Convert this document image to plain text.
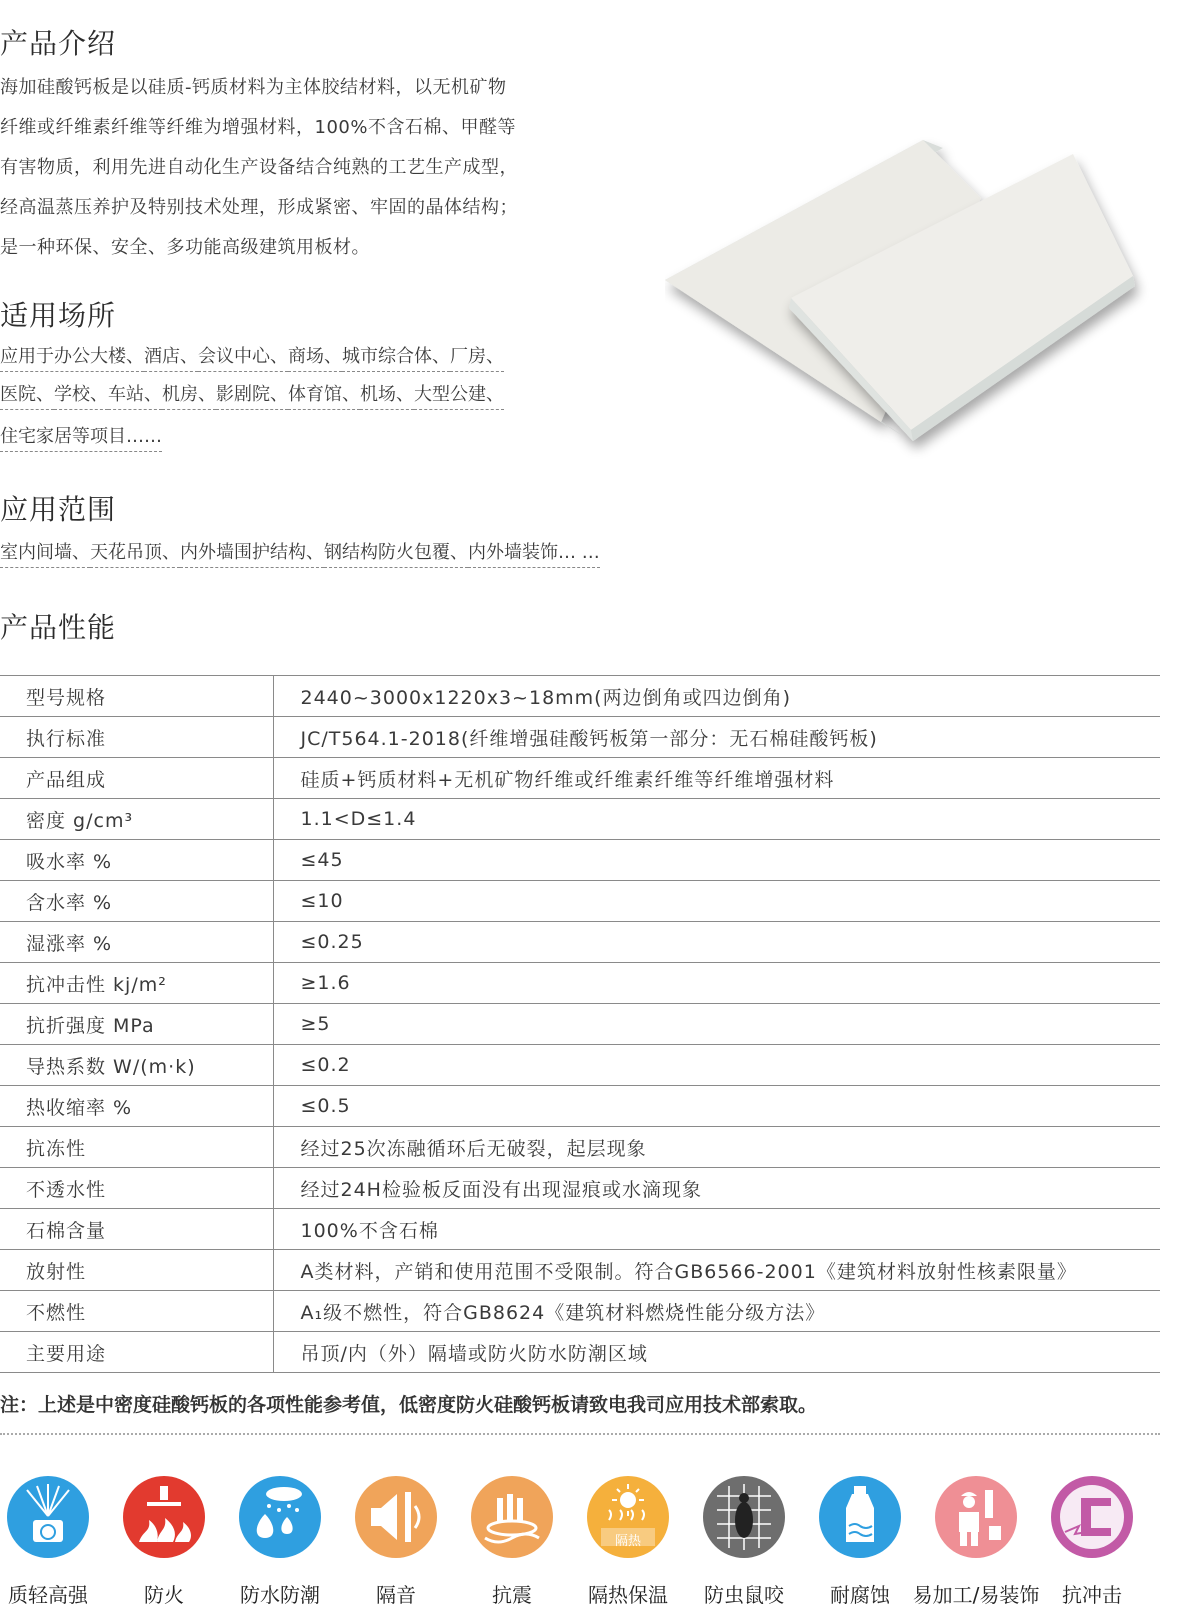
产品介绍

海加硅酸钙板是以硅质-钙质材料为主体胶结材料，以无机矿物

纤维或纤维素纤维等纤维为增强材料，100%不含石棉、甲醛等

有害物质，利用先进自动化生产设备结合纯熟的工艺生产成型，

经高温蒸压养护及特别技术处理，形成紧密、牢固的晶体结构；

是一种环保、安全、多功能高级建筑用板材。

适用场所
应用于办公大楼、酒店、会议中心、商场、城市综合体、厂房、
医院、学校、车站、机房、影剧院、体育馆、机场、大型公建、
住宅家居等项目……
应用范围
室内间墙、天花吊顶、内外墙围护结构、钢结构防火包覆、内外墙装饰… …
产品性能
型号规格	2440~3000x1220x3~18mm(两边倒角或四边倒角)
执行标准	JC/T564.1-2018(纤维增强硅酸钙板第一部分：无石棉硅酸钙板)
产品组成	硅质+钙质材料+无机矿物纤维或纤维素纤维等纤维增强材料
密度 g/cm³	1.1<D≤1.4
吸水率 %	≤45
含水率 %	≤10
湿涨率 %	≤0.25
抗冲击性 kj/m²	≥1.6
抗折强度 MPa	≥5
导热系数 W/(m·k)	≤0.2
热收缩率 %	≤0.5
抗冻性	经过25次冻融循环后无破裂，起层现象
不透水性	经过24H检验板反面没有出现湿痕或水滴现象
石棉含量	100%不含石棉
放射性	A类材料，产销和使用范围不受限制。符合GB6566-2001《建筑材料放射性核素限量》
不燃性	A₁级不燃性，符合GB8624《建筑材料燃烧性能分级方法》
主要用途	吊顶/内（外）隔墙或防火防水防潮区域
注：上述是中密度硅酸钙板的各项性能参考值，低密度防火硅酸钙板请致电我司应用技术部索取。
质轻高强	防火	防水防潮	隔音	抗震
隔热
隔热保温	防虫鼠咬	耐腐蚀	易加工/易装饰	抗冲击
